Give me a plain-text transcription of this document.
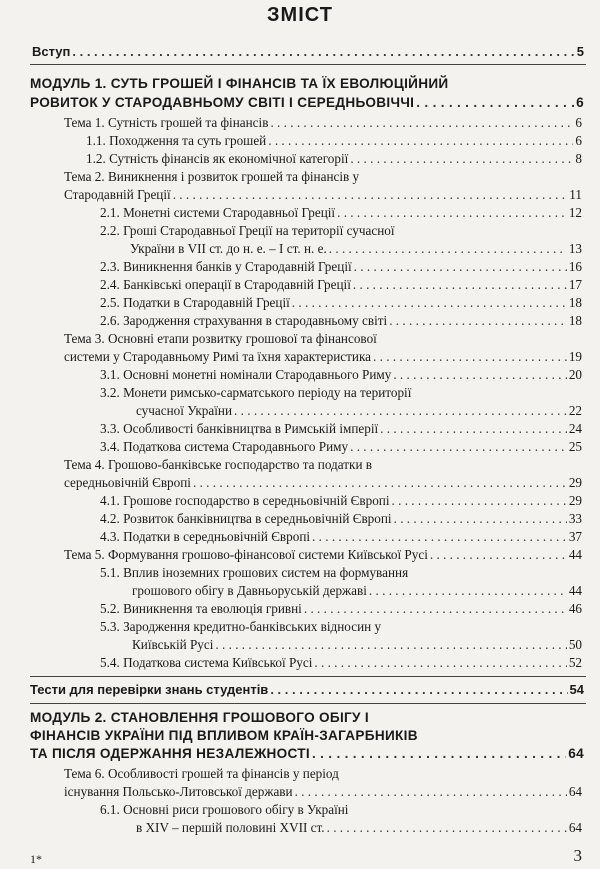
ЗМІСТ
Вступ . . .	5
МОДУЛЬ 1. СУТЬ ГРОШЕЙ І ФІНАНСІВ ТА ЇХ ЕВОЛЮЦІЙНИЙ
РОВИТОК У СТАРОДАВНЬОМУ СВІТІ І СЕРЕДНЬОВІЧЧІ . . .	6
Тема 1. Сутність грошей та фінансів . . .	6
1.1. Походження та суть грошей . . .	6
1.2. Сутність фінансів як економічної категорії . . .	8
Тема 2. Виникнення і розвиток грошей та фінансів у
Стародавній Греції . . .	11
2.1. Монетні системи Стародавньої Греції . . .	12
2.2. Гроші Стародавньої Греції на території сучасної
України в VII ст. до н. е. – І ст. н. е. . . .	13
2.3. Виникнення банків у Стародавній Греції . . .	16
2.4. Банківські операції в Стародавній Греції . . .	17
2.5. Податки в Стародавній Греції . . .	18
2.6. Зародження страхування в стародавньому світі . . .	18
Тема 3. Основні етапи розвитку грошової та фінансової
системи у Стародавньому Римі та їхня характеристика . . .	19
3.1. Основні монетні номінали Стародавнього Риму . . .	20
3.2. Монети римсько-сарматського періоду на території
сучасної України . . .	22
3.3. Особливості банківництва в Римській імперії . . .	24
3.4. Податкова система Стародавнього Риму . . .	25
Тема 4. Грошово-банківське господарство та податки в
середньовічній Європі . . .	29
4.1. Грошове господарство в середньовічній Європі . . .	29
4.2. Розвиток банківництва в середньовічній Європі . . .	33
4.3. Податки в середньовічній Європі . . .	37
Тема 5. Формування грошово-фінансової системи Київської Русі . . .	44
5.1. Вплив іноземних грошових систем на формування
грошового обігу в Давньоруській державі . . .	44
5.2. Виникнення та еволюція гривні . . .	46
5.3. Зародження кредитно-банківських відносин у
Київській Русі . . .	50
5.4. Податкова система Київської Русі . . .	52
Тести для перевірки знань студентів . . .	54
МОДУЛЬ 2. СТАНОВЛЕННЯ ГРОШОВОГО ОБІГУ І
ФІНАНСІВ УКРАЇНИ ПІД ВПЛИВОМ КРАЇН-ЗАГАРБНИКІВ
ТА ПІСЛЯ ОДЕРЖАННЯ НЕЗАЛЕЖНОСТІ . . .	64
Тема 6. Особливості грошей та фінансів у період
існування Польсько-Литовської держави . . .	64
6.1. Основні риси грошового обігу в Україні
в XIV – першій половині XVII ст. . . .	64
1*	3
